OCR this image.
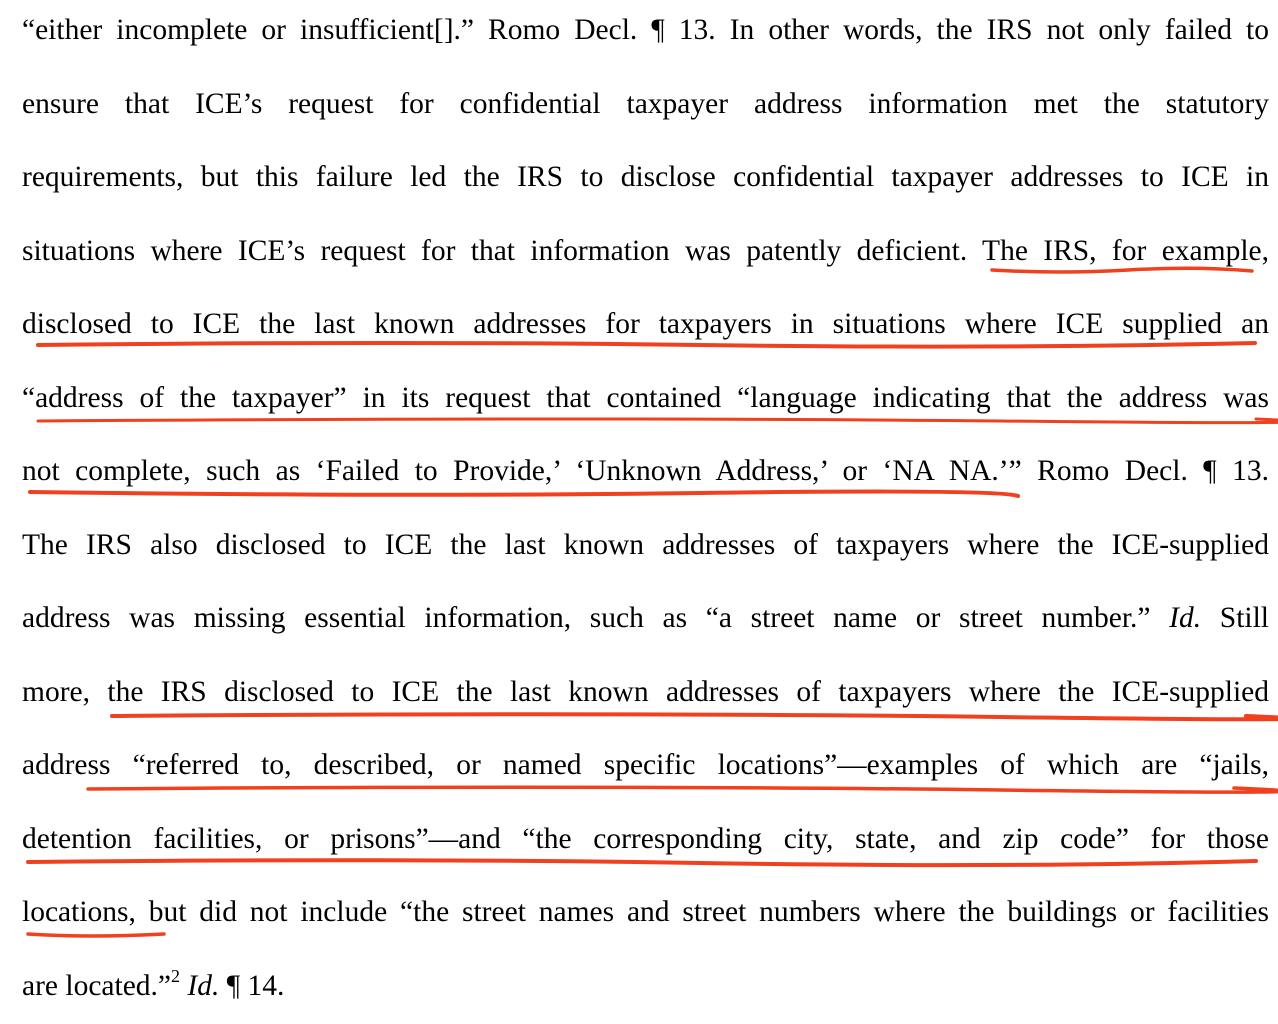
“either incomplete or insufficient[].” Romo Decl. ¶ 13. In other words, the IRS not only failed to
ensure that ICE’s request for confidential taxpayer address information met the statutory
requirements, but this failure led the IRS to disclose confidential taxpayer addresses to ICE in
situations where ICE’s request for that information was patently deficient. The IRS, for example,
disclosed to ICE the last known addresses for taxpayers in situations where ICE supplied an
“address of the taxpayer” in its request that contained “language indicating that the address was
not complete, such as ‘Failed to Provide,’ ‘Unknown Address,’ or ‘NA NA.’” Romo Decl. ¶ 13.
The IRS also disclosed to ICE the last known addresses of taxpayers where the ICE-supplied
address was missing essential information, such as “a street name or street number.” Id. Still
more, the IRS disclosed to ICE the last known addresses of taxpayers where the ICE-supplied
address “referred to, described, or named specific locations”—examples of which are “jails,
detention facilities, or prisons”—and “the corresponding city, state, and zip code” for those
locations, but did not include “the street names and street numbers where the buildings or facilities
are located.”$^2$ Id. ¶ 14.
